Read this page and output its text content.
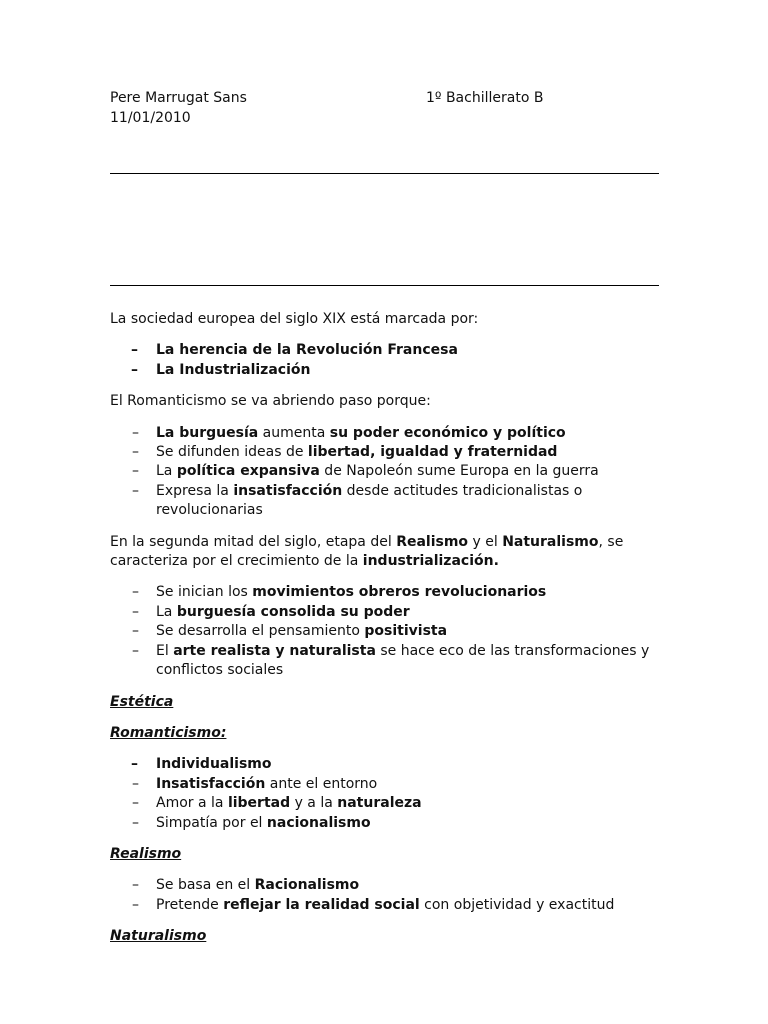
Pere Marrugat Sans
11/01/2010
1º Bachillerato B

La sociedad europea del siglo XIX está marcada por:

– La herencia de la Revolución Francesa
– La Industrialización

El Romanticismo se va abriendo paso porque:

– La burguesía aumenta su poder económico y político
– Se difunden ideas de libertad, igualdad y fraternidad
– La política expansiva de Napoleón sume Europa en la guerra
– Expresa la insatisfacción desde actitudes tradicionalistas o revolucionarias

En la segunda mitad del siglo, etapa del Realismo y el Naturalismo, se caracteriza por el crecimiento de la industrialización.

– Se inician los movimientos obreros revolucionarios
– La burguesía consolida su poder
– Se desarrolla el pensamiento positivista
– El arte realista y naturalista se hace eco de las transformaciones y conflictos sociales

Estética

Romanticismo:

– Individualismo
– Insatisfacción ante el entorno
– Amor a la libertad y a la naturaleza
– Simpatía por el nacionalismo

Realismo

– Se basa en el Racionalismo
– Pretende reflejar la realidad social con objetividad y exactitud

Naturalismo
